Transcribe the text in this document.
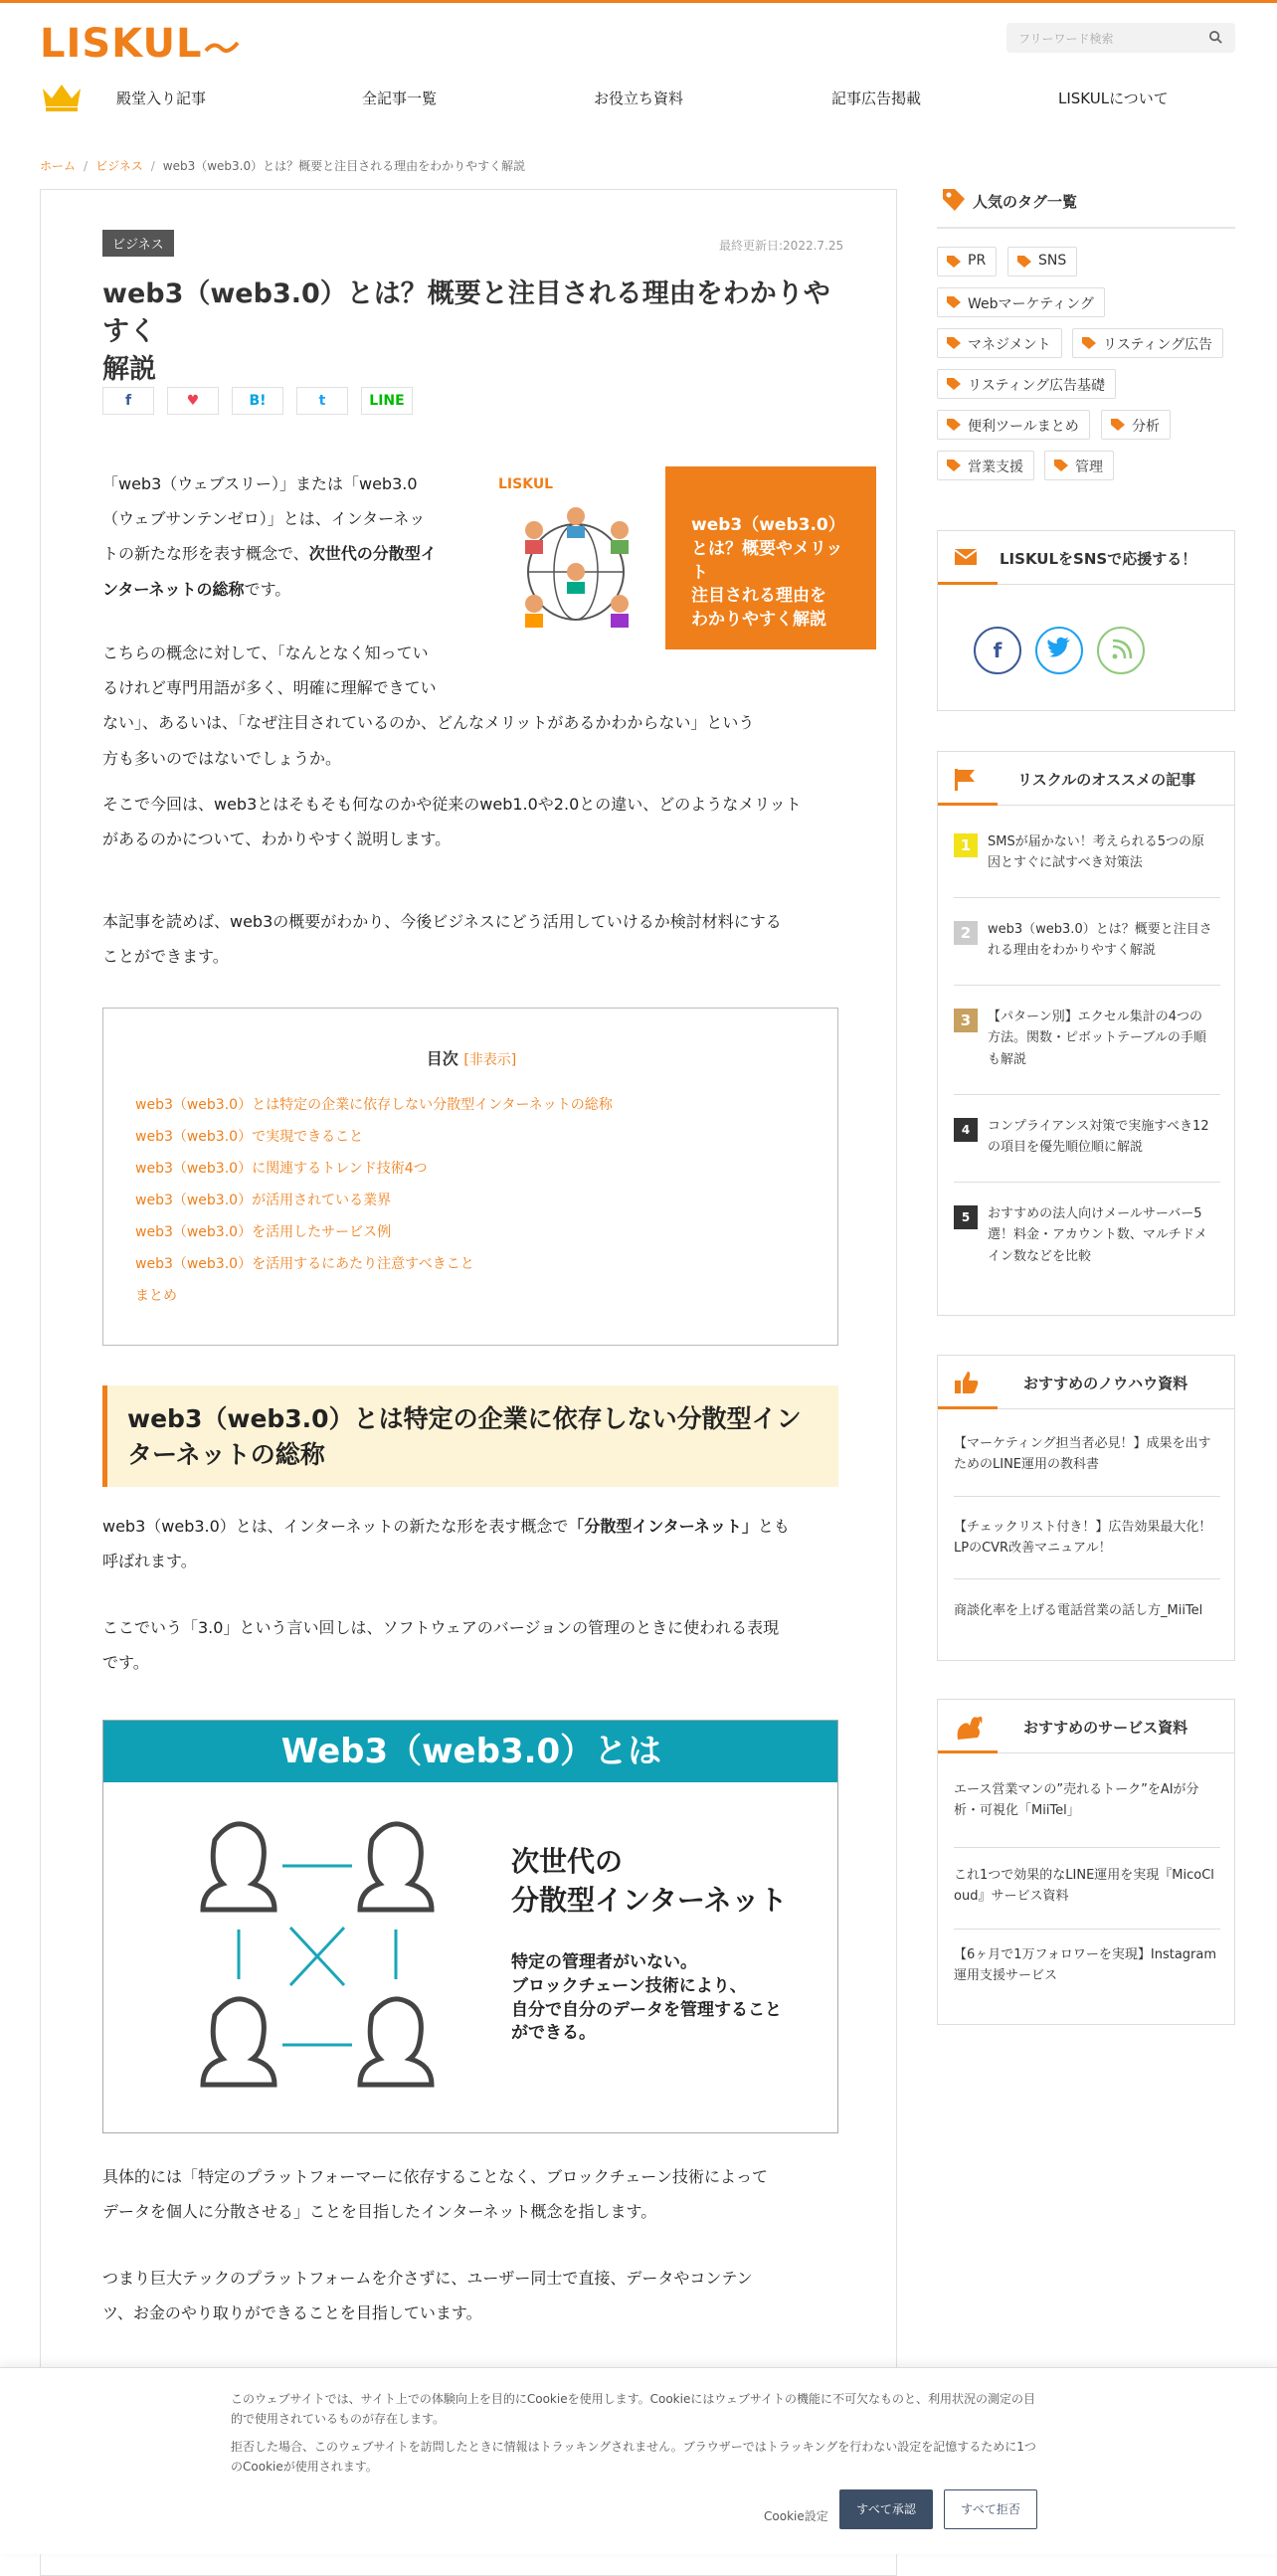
LISKUL	フリーワード検索
殿堂入り記事	全記事一覧	お役立ち資料	記事広告掲載	LISKULについて
ホーム / ビジネス / web3（web3.0）とは？概要と注目される理由をわかりやすく解説
ビジネス	最終更新日:2022.7.25
web3（web3.0）とは？概要と注目される理由をわかりやすく
解説
f	♥	B!	t	LINE
LISKUL
web3（web3.0）
とは？概要やメリット
注目される理由を
わかりやすく解説

「web3（ウェブスリー）」または「web3.0
（ウェブサンテンゼロ）」とは、インターネッ
トの新たな形を表す概念で、次世代の分散型イ
ンターネットの総称です。

こちらの概念に対して、「なんとなく知ってい
るけれど専門用語が多く、明確に理解できてい
ない」、あるいは、「なぜ注目されているのか、どんなメリットがあるかわからない」という
方も多いのではないでしょうか。

そこで今回は、web3とはそもそも何なのかや従来のweb1.0や2.0との違い、どのようなメリット
があるのかについて、わかりやすく説明します。

本記事を読めば、web3の概要がわかり、今後ビジネスにどう活用していけるか検討材料にする
ことができます。

目次 [非表示]
web3（web3.0）とは特定の企業に依存しない分散型インターネットの総称
web3（web3.0）で実現できること
web3（web3.0）に関連するトレンド技術4つ
web3（web3.0）が活用されている業界
web3（web3.0）を活用したサービス例
web3（web3.0）を活用するにあたり注意すべきこと
まとめ
web3（web3.0）とは特定の企業に依存しない分散型イン
ターネットの総称

web3（web3.0）とは、インターネットの新たな形を表す概念で「分散型インターネット」とも
呼ばれます。

ここでいう「3.0」という言い回しは、ソフトウェアのバージョンの管理のときに使われる表現
です。

Web3（web3.0）とは
次世代の
分散型インターネット
特定の管理者がいない。
ブロックチェーン技術により、
自分で自分のデータを管理すること
ができる。

具体的には「特定のプラットフォーマーに依存することなく、ブロックチェーン技術によって
データを個人に分散させる」ことを目指したインターネット概念を指します。

つまり巨大テックのプラットフォームを介さずに、ユーザー同士で直接、データやコンテン
ツ、お金のやり取りができることを目指しています。

人気のタグ一覧
PR	SNS
Webマーケティング
マネジメント	リスティング広告
リスティング広告基礎
便利ツールまとめ	分析
営業支援	管理
LISKULをSNSで応援する！
f
リスクルのオススメの記事
1	SMSが届かない！考えられる5つの原
因とすぐに試すべき対策法
2	web3（web3.0）とは？概要と注目さ
れる理由をわかりやすく解説
3	【パターン別】エクセル集計の4つの
方法。関数・ピボットテーブルの手順
も解説
4	コンプライアンス対策で実施すべき12
の項目を優先順位順に解説
5	おすすめの法人向けメールサーバー5
選！料金・アカウント数、マルチドメ
イン数などを比較
おすすめのノウハウ資料
【マーケティング担当者必見！】成果を出す
ためのLINE運用の教科書
【チェックリスト付き！】広告効果最大化！
LPのCVR改善マニュアル！
商談化率を上げる電話営業の話し方_MiiTel
おすすめのサービス資料
エース営業マンの”売れるトーク”をAIが分
析・可視化「MiiTel」
これ1つで効果的なLINE運用を実現『MicoCl
oud』サービス資料
【6ヶ月で1万フォロワーを実現】Instagram
運用支援サービス

このウェブサイトでは、サイト上での体験向上を目的にCookieを使用します。Cookieにはウェブサイトの機能に不可欠なものと、利用状況の測定の目
的で使用されているものが存在します。

拒否した場合、このウェブサイトを訪問したときに情報はトラッキングされません。ブラウザーではトラッキングを行わない設定を記憶するために1つ
のCookieが使用されます。

Cookie設定	すべて承認	すべて拒否
